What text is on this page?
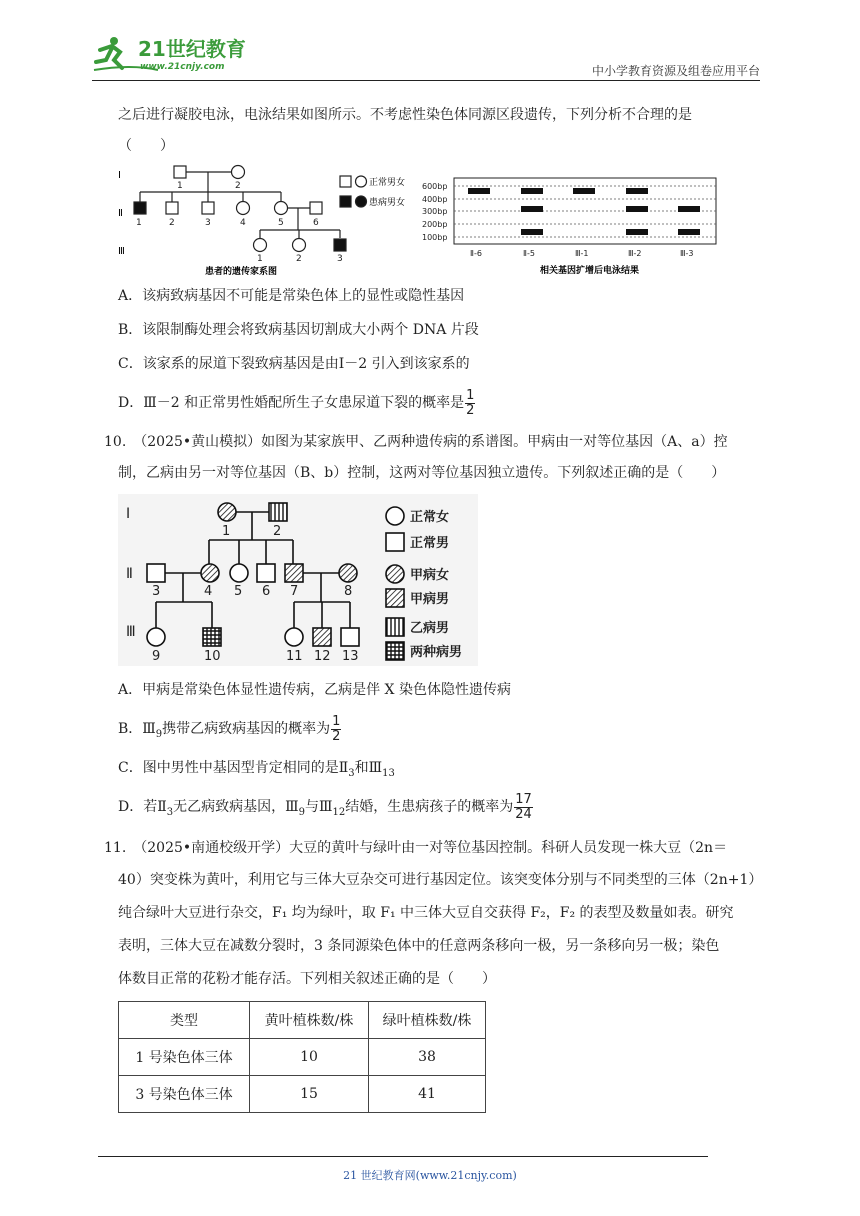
21世纪教育
www.21cnjy.com	中小学教育资源及组卷应用平台
之后进行凝胶电泳，电泳结果如图所示。不考虑性染色体同源区段遗传，下列分析不合理的是
（　　）
Ⅰ
Ⅱ
Ⅲ
1	2
1	2	3	4	5	6
1	2	3
患者的遗传家系图
正常男女
患病男女
600bp
400bp
300bp
200bp
100bp
Ⅱ-6	Ⅱ-5	Ⅲ-1	Ⅲ-2	Ⅲ-3
相关基因扩增后电泳结果
A．该病致病基因不可能是常染色体上的显性或隐性基因
B．该限制酶处理会将致病基因切割成大小两个 DNA 片段
C．该家系的尿道下裂致病基因是由Ⅰ－2 引入到该家系的
D．Ⅲ－2 和正常男性婚配所生子女患尿道下裂的概率是 $\frac{1}{2}$
10.　（2025•黄山模拟）如图为某家族甲、乙两种遗传病的系谱图。甲病由一对等位基因（A、a）控
制，乙病由另一对等位基因（B、b）控制，这两对等位基因独立遗传。下列叙述正确的是（　　）
Ⅰ
Ⅱ
Ⅲ
1	2
3	4 5 6 7	8
9	10	11 12 13
正常女
正常男
甲病女
甲病男
乙病男
两种病男
A．甲病是常染色体显性遗传病，乙病是伴 X 染色体隐性遗传病
B．$Ⅲ_9$携带乙病致病基因的概率为 $\frac{1}{2}$
C．图中男性中基因型肯定相同的是$Ⅱ_3$和$Ⅲ_{13}$
D．若$Ⅱ_3$无乙病致病基因，$Ⅲ_9$与$Ⅲ_{12}$结婚，生患病孩子的概率为 $\frac{17}{24}$
11.　（2025•南通校级开学）大豆的黄叶与绿叶由一对等位基因控制。科研人员发现一株大豆（2n＝
40）突变株为黄叶，利用它与三体大豆杂交可进行基因定位。该突变体分别与不同类型的三体（2n+1）
纯合绿叶大豆进行杂交，F₁ 均为绿叶，取 F₁ 中三体大豆自交获得 F₂，F₂ 的表型及数量如表。研究
表明，三体大豆在减数分裂时，3 条同源染色体中的任意两条移向一极，另一条移向另一极；染色
体数目正常的花粉才能存活。下列相关叙述正确的是（　　）
类型	黄叶植株数/株	绿叶植株数/株
1 号染色体三体	10	38
3 号染色体三体	15	41
21 世纪教育网(www.21cnjy.com)
